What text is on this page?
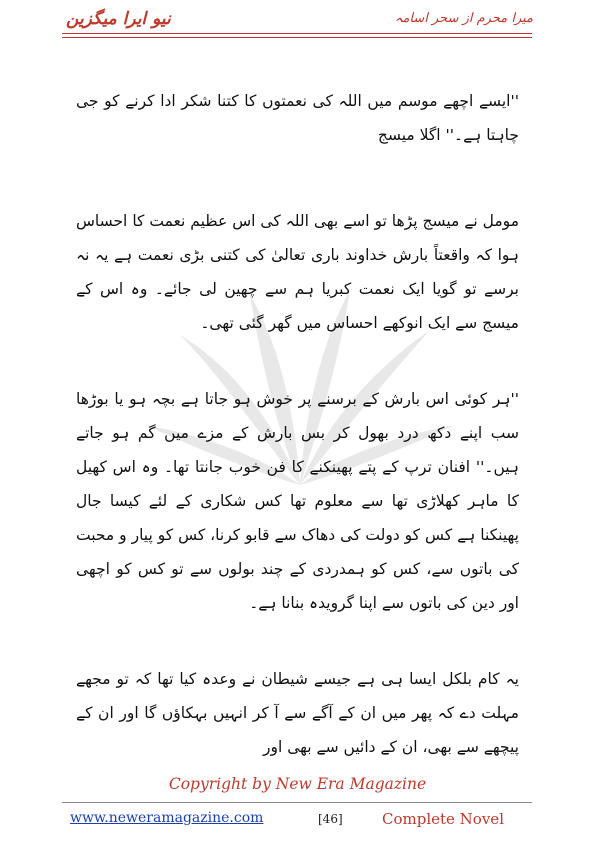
میرا محرم از سحر اسامہ
نیو ایرا میگزین

''ایسے اچھے موسم میں اللہ کی نعمتوں کا کتنا شکر ادا کرنے کو جی چاہتا ہے۔'' اگلا میسج

مومل نے میسج پڑھا تو اسے بھی اللہ کی اس عظیم نعمت کا احساس ہوا کہ واقعتاً بارش خداوند باری تعالیٰ کی کتنی بڑی نعمت ہے یہ نہ برسے تو گویا ایک نعمت کبریا ہم سے چھین لی جائے۔ وہ اس کے میسج سے ایک انوکھے احساس میں گھر گئی تھی۔

''ہر کوئی اس بارش کے برسنے پر خوش ہو جاتا ہے بچہ ہو یا بوڑھا سب اپنے دکھ درد بھول کر بس بارش کے مزے میں گم ہو جاتے ہیں۔'' افنان ترپ کے پتے پھینکنے کا فن خوب جانتا تھا۔ وہ اس کھیل کا ماہر کھلاڑی تھا سے معلوم تھا کس شکاری کے لئے کیسا جال پھینکنا ہے کس کو دولت کی دھاک سے قابو کرنا، کس کو پیار و محبت کی باتوں سے، کس کو ہمدردی کے چند بولوں سے تو کس کو اچھی اور دین کی باتوں سے اپنا گرویدہ بنانا ہے۔

یہ کام بلکل ایسا ہی ہے جیسے شیطان نے وعدہ کیا تھا کہ تو مجھے مہلت دے کہ پھر میں ان کے آگے سے آ کر انہیں بہکاؤں گا اور ان کے پیچھے سے بھی، ان کے دائیں سے بھی اور

Copyright by New Era Magazine
www.neweramagazine.com	[46]	Complete Novel
